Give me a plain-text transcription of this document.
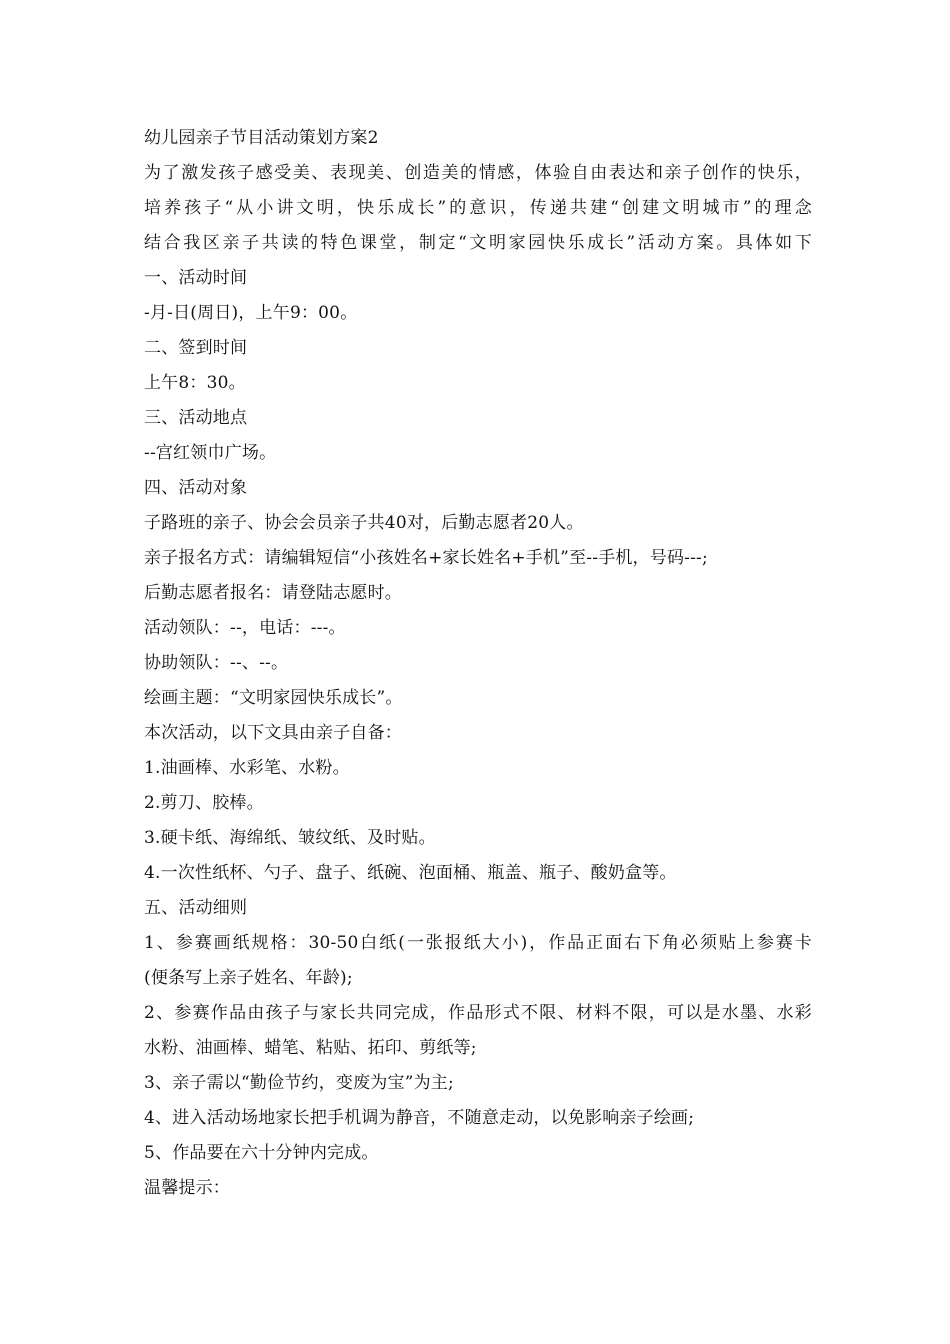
幼儿园亲子节目活动策划方案2
为了激发孩子感受美、表现美、创造美的情感，体验自由表达和亲子创作的快乐，
培养孩子“从小讲文明，快乐成长”的意识，传递共建“创建文明城市”的理念
结合我区亲子共读的特色课堂，制定“文明家园快乐成长”活动方案。具体如下
一、活动时间
-月-日(周日)，上午9：00。
二、签到时间
上午8：30。
三、活动地点
--宫红领巾广场。
四、活动对象
子路班的亲子、协会会员亲子共40对，后勤志愿者20人。
亲子报名方式：请编辑短信“小孩姓名+家长姓名+手机”至--手机，号码---;
后勤志愿者报名：请登陆志愿时。
活动领队：--，电话：---。
协助领队：--、--。
绘画主题：“文明家园快乐成长”。
本次活动，以下文具由亲子自备：
1.油画棒、水彩笔、水粉。
2.剪刀、胶棒。
3.硬卡纸、海绵纸、皱纹纸、及时贴。
4.一次性纸杯、勺子、盘子、纸碗、泡面桶、瓶盖、瓶子、酸奶盒等。
五、活动细则
1、参赛画纸规格：30-50白纸(一张报纸大小)，作品正面右下角必须贴上参赛卡
(便条写上亲子姓名、年龄);
2、参赛作品由孩子与家长共同完成，作品形式不限、材料不限，可以是水墨、水彩
水粉、油画棒、蜡笔、粘贴、拓印、剪纸等;
3、亲子需以“勤俭节约，变废为宝”为主;
4、进入活动场地家长把手机调为静音，不随意走动，以免影响亲子绘画;
5、作品要在六十分钟内完成。
温馨提示：
